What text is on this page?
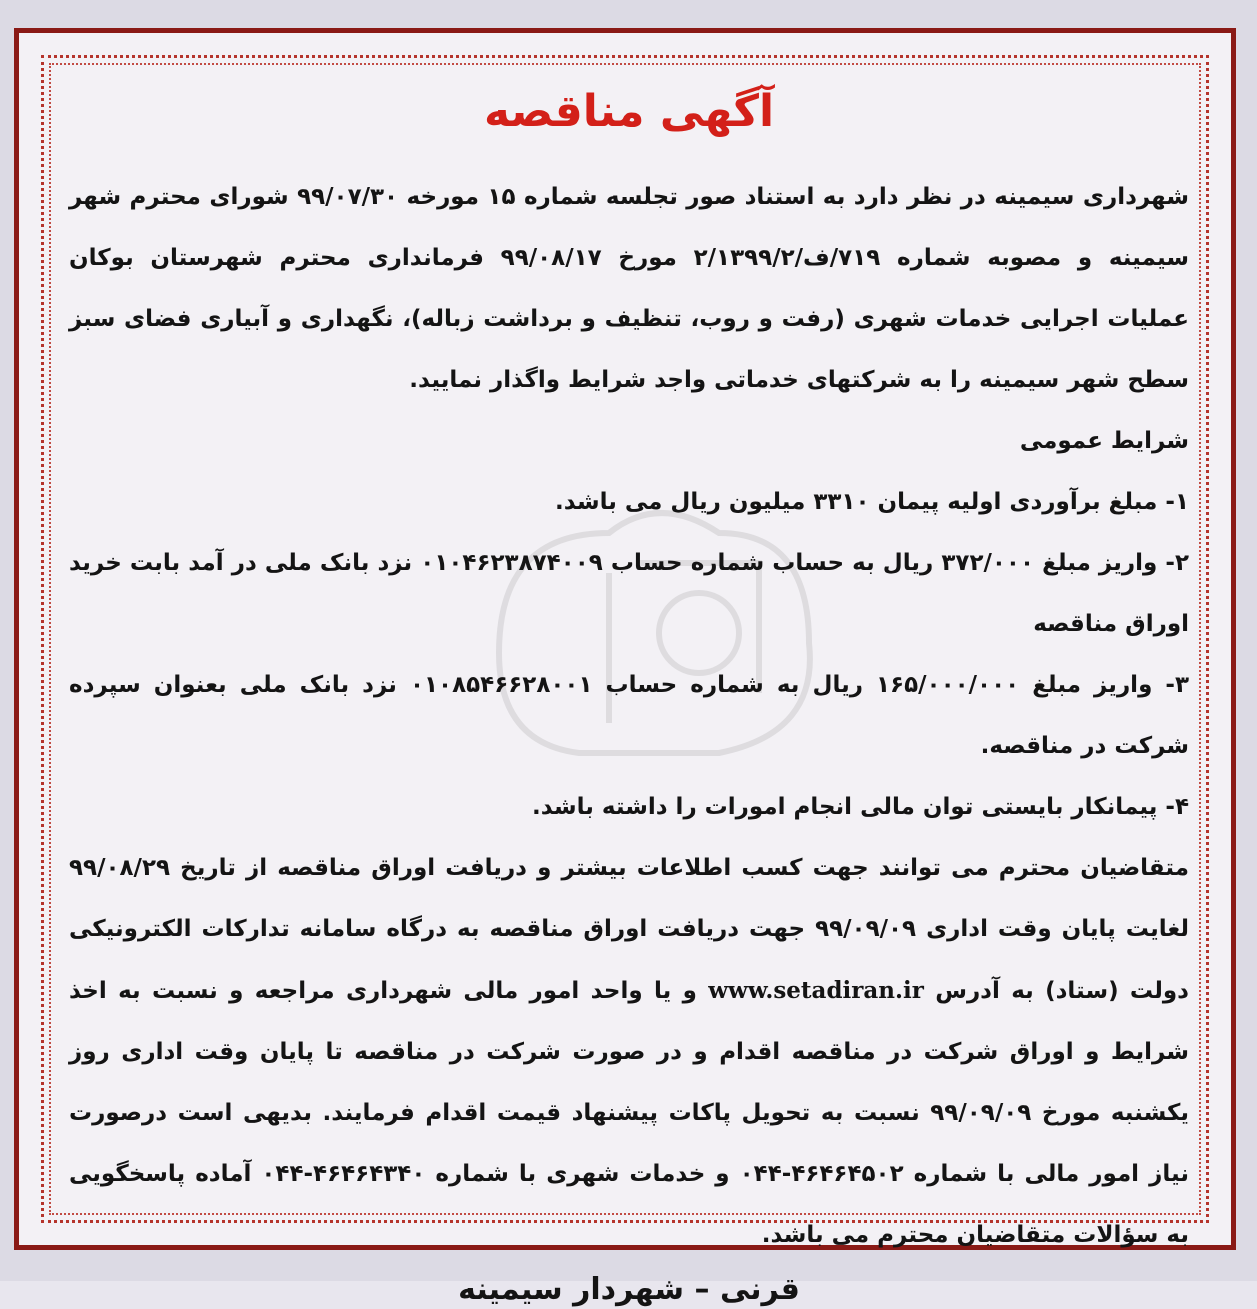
آگهی مناقصه

شهرداری سیمینه در نظر دارد به استناد صور تجلسه شماره ۱۵ مورخه ۹۹/۰۷/۳۰ شورای محترم شهر سیمینه و مصوبه شماره ۷۱۹/ف/۲/۱۳۹۹/۲ مورخ ۹۹/۰۸/۱۷ فرمانداری محترم شهرستان بوکان عملیات اجرایی خدمات شهری (رفت و روب، تنظیف و برداشت زباله)، نگهداری و آبیاری فضای سبز سطح شهر سیمینه را به شرکتهای خدماتی واجد شرایط واگذار نمایید.

شرایط عمومی

۱- مبلغ برآوردی اولیه پیمان ۳۳۱۰ میلیون ریال می باشد.

۲- واریز مبلغ ۳۷۲/۰۰۰ ریال به حساب شماره حساب ۰۱۰۴۶۲۳۸۷۴۰۰۹ نزد بانک ملی در آمد بابت خرید اوراق مناقصه

۳- واریز مبلغ ۱۶۵/۰۰۰/۰۰۰ ریال به شماره حساب ۰۱۰۸۵۴۶۶۲۸۰۰۱ نزد بانک ملی بعنوان سپرده شرکت در مناقصه.

۴- پیمانکار بایستی توان مالی انجام امورات را داشته باشد.

متقاضیان محترم می توانند جهت کسب اطلاعات بیشتر و دریافت اوراق مناقصه از تاریخ ۹۹/۰۸/۲۹ لغایت پایان وقت اداری ۹۹/۰۹/۰۹ جهت دریافت اوراق مناقصه به درگاه سامانه تدارکات الکترونیکی دولت (ستاد) به آدرس www.setadiran.ir و یا واحد امور مالی شهرداری مراجعه و نسبت به اخذ شرایط و اوراق شرکت در مناقصه اقدام و در صورت شرکت در مناقصه تا پایان وقت اداری روز یکشنبه مورخ ۹۹/۰۹/۰۹ نسبت به تحویل پاکات پیشنهاد قیمت اقدام فرمایند. بدیهی است درصورت نیاز امور مالی با شماره ۴۶۴۶۴۵۰۲-۰۴۴ و خدمات شهری با شماره ۴۶۴۶۴۳۴۰-۰۴۴ آماده پاسخگویی به سؤالات متقاضیان محترم می باشد.

قرنی – شهردار سیمینه
